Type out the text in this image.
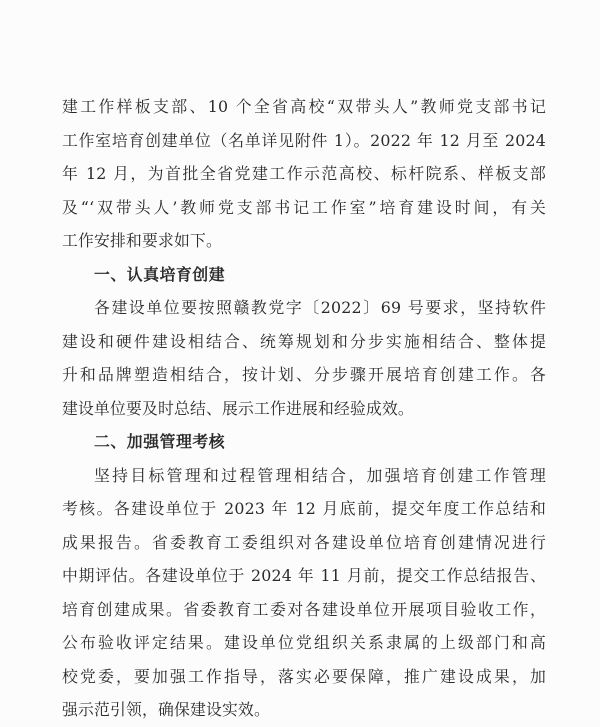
建工作样板支部、10 个全省高校“双带头人”教师党支部书记
工作室培育创建单位（名单详见附件 1）。2022 年 12 月至 2024
年 12 月，为首批全省党建工作示范高校、标杆院系、样板支部
及“‘双带头人’教师党支部书记工作室”培育建设时间，有关
工作安排和要求如下。
一、认真培育创建
各建设单位要按照赣教党字〔2022〕69 号要求，坚持软件
建设和硬件建设相结合、统筹规划和分步实施相结合、整体提
升和品牌塑造相结合，按计划、分步骤开展培育创建工作。各
建设单位要及时总结、展示工作进展和经验成效。
二、加强管理考核
坚持目标管理和过程管理相结合，加强培育创建工作管理
考核。各建设单位于 2023 年 12 月底前，提交年度工作总结和
成果报告。省委教育工委组织对各建设单位培育创建情况进行
中期评估。各建设单位于 2024 年 11 月前，提交工作总结报告、
培育创建成果。省委教育工委对各建设单位开展项目验收工作，
公布验收评定结果。建设单位党组织关系隶属的上级部门和高
校党委，要加强工作指导，落实必要保障，推广建设成果，加
强示范引领，确保建设实效。
